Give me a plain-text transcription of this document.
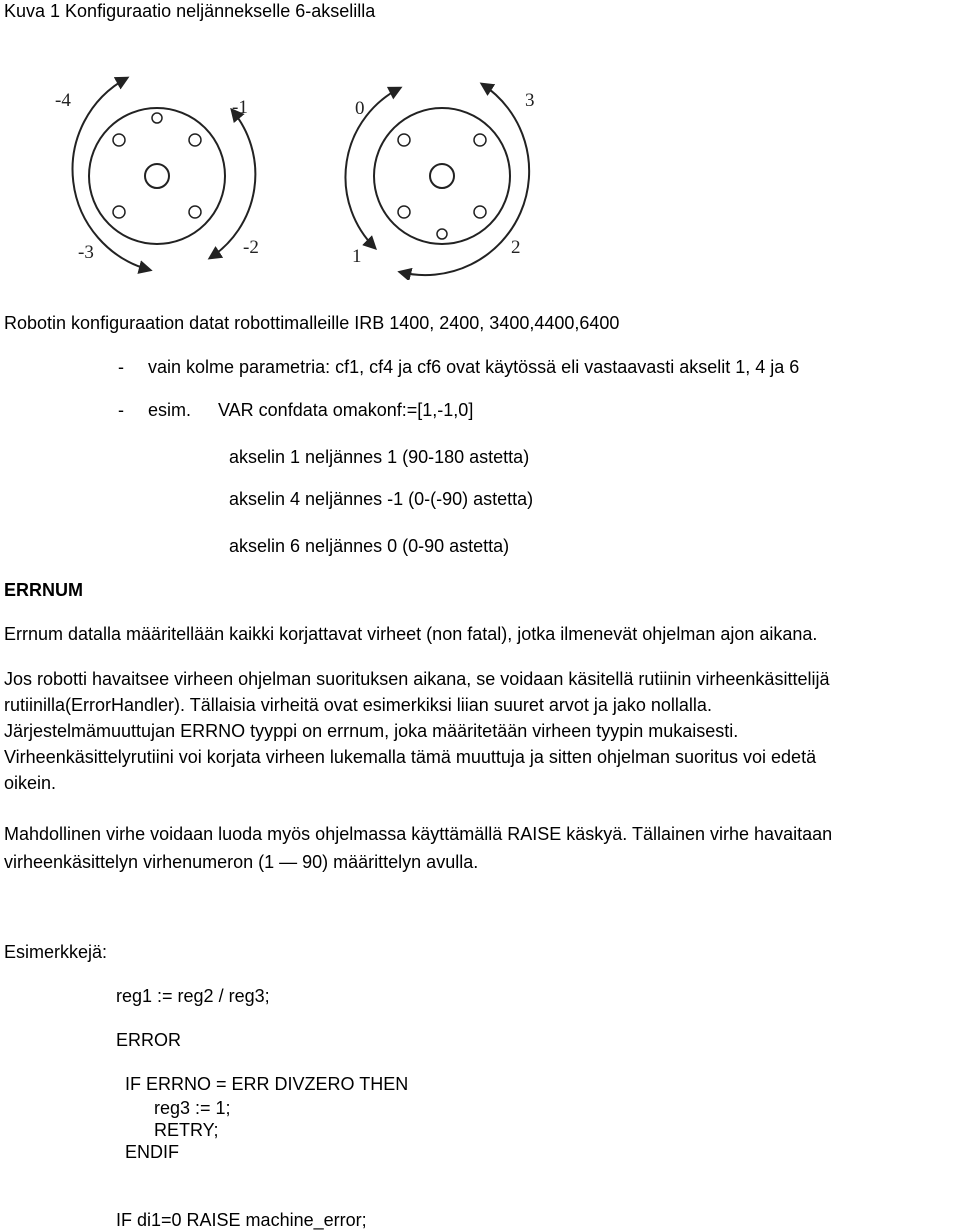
Kuva 1 Konfiguraatio neljännekselle 6-akselilla
-4	-1
-3	-2
0	3
1	2
Robotin konfiguraation datat robottimalleille IRB 1400, 2400, 3400,4400,6400
- vain kolme parametria: cf1, cf4 ja cf6 ovat käytössä eli vastaavasti akselit 1, 4 ja 6
- esim. VAR confdata omakonf:=[1,-1,0]
akselin 1 neljännes 1 (90-180 astetta)
akselin 4 neljännes -1 (0-(-90) astetta)
akselin 6 neljännes 0 (0-90 astetta)
ERRNUM
Errnum datalla määritellään kaikki korjattavat virheet (non fatal), jotka ilmenevät ohjelman ajon aikana.

Jos robotti havaitsee virheen ohjelman suorituksen aikana, se voidaan käsitellä rutiinin virheenkäsittelijä

rutiinilla(ErrorHandler). Tällaisia virheitä ovat esimerkiksi liian suuret arvot ja jako nollalla.

Järjestelmämuuttujan ERRNO tyyppi on errnum, joka määritetään virheen tyypin mukaisesti.

Virheenkäsittelyrutiini voi korjata virheen lukemalla tämä muuttuja ja sitten ohjelman suoritus voi edetä

oikein.

Mahdollinen virhe voidaan luoda myös ohjelmassa käyttämällä RAISE käskyä. Tällainen virhe havaitaan

virheenkäsittelyn virhenumeron (1 — 90) määrittelyn avulla.

Esimerkkejä:
reg1 := reg2 / reg3;
ERROR
IF ERRNO = ERR DIVZERO THEN
reg3 := 1;
RETRY;
ENDIF
IF di1=0 RAISE machine_error;
